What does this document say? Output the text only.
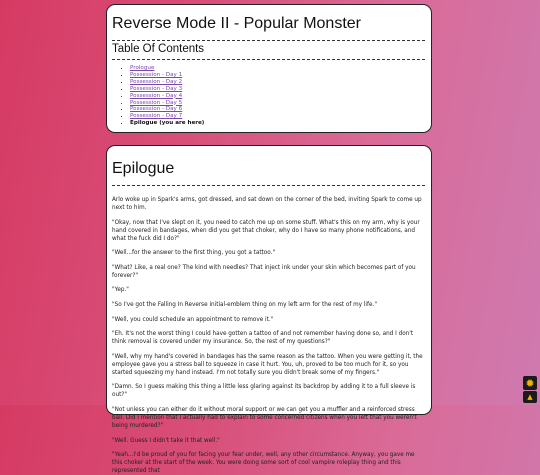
Reverse Mode II - Popular Monster
Table Of Contents
• Prologue
• Possession - Day 1
• Possession - Day 2
• Possession - Day 3
• Possession - Day 4
• Possession - Day 5
• Possession - Day 6
• Possession - Day 7
• Epilogue (you are here)
Epilogue

Arlo woke up in Spark's arms, got dressed, and sat down on the corner of the bed, inviting Spark to come up next to him.

"Okay, now that I've slept on it, you need to catch me up on some stuff. What's this on my arm, why is your hand covered in bandages, when did you get that choker, why do I have so many phone notifications, and what the fuck did I do?"

"Well...for the answer to the first thing, you got a tattoo."

"What? Like, a real one? The kind with needles? That inject ink under your skin which becomes part of you forever?"

"Yep."

"So I've got the Falling In Reverse initial-emblem thing on my left arm for the rest of my life."

"Well, you could schedule an appointment to remove it."

"Eh. It's not the worst thing I could have gotten a tattoo of and not remember having done so, and I don't think removal is covered under my insurance. So, the rest of my questions?"

"Well, why my hand's covered in bandages has the same reason as the tattoo. When you were getting it, the employee gave you a stress ball to squeeze in case it hurt. You, uh, proved to be too much for it, so you started squeezing my hand instead. I'm not totally sure you didn't break some of my fingers."

"Damn. So I guess making this thing a little less glaring against its backdrop by adding it to a full sleeve is out?"

"Not unless you can either do it without moral support or we can get you a muffler and a reinforced stress ball. Did I mention that I actually had to explain to some concerned citizens when you left that you weren't being murdered?"

"Well. Guess I didn't take it that well."

"Yeah...I'd be proud of you for facing your fear under, well, any other circumstance. Anyway, you gave me this choker at the start of the week. You were doing some sort of cool vampire roleplay thing and this represented that

✹
▲
